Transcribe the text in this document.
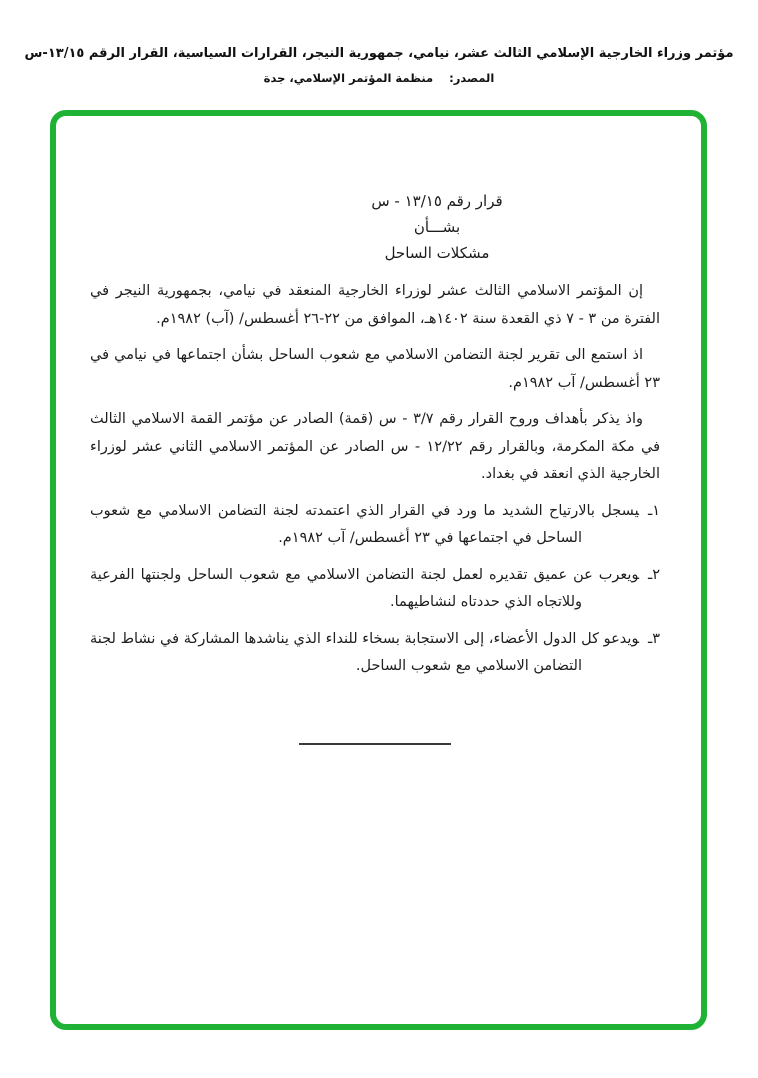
مؤتمر وزراء الخارجية الإسلامي الثالث عشر، نيامي، جمهورية النيجر، القرارات السياسية، القرار الرقم ١٣/١٥-س
المصدر:منظمة المؤتمر الإسلامي، جدة
قرار رقم ١٣/١٥ - س
بشـــأن
مشكلات الساحل

إن المؤتمر الاسلامي الثالث عشر لوزراء الخارجية المنعقد في نيامي، بجمهورية النيجر في الفترة من ٣ - ٧ ذي القعدة سنة ١٤٠٢هـ، الموافق من ٢٢-٢٦ أغسطس/ (آب) ١٩٨٢م.

اذ استمع الى تقرير لجنة التضامن الاسلامي مع شعوب الساحل بشأن اجتماعها في نيامي في ٢٣ أغسطس/ آب ١٩٨٢م.

واذ يذكر بأهداف وروح القرار رقم ٣/٧ - س (قمة) الصادر عن مؤتمر القمة الاسلامي الثالث في مكة المكرمة، وبالقرار رقم ١٢/٢٢ - س الصادر عن المؤتمر الاسلامي الثاني عشر لوزراء الخارجية الذي انعقد في بغداد.

١ـيسجل بالارتياح الشديد ما ورد في القرار الذي اعتمدته لجنة التضامن الاسلامي مع شعوب الساحل في اجتماعها في ٢٣ أغسطس/ آب ١٩٨٢م.
٢ـويعرب عن عميق تقديره لعمل لجنة التضامن الاسلامي مع شعوب الساحل ولجنتها الفرعية وللاتجاه الذي حددتاه لنشاطيهما.
٣ـويدعو كل الدول الأعضاء، إلى الاستجابة بسخاء للنداء الذي يناشدها المشاركة في نشاط لجنة التضامن الاسلامي مع شعوب الساحل.
